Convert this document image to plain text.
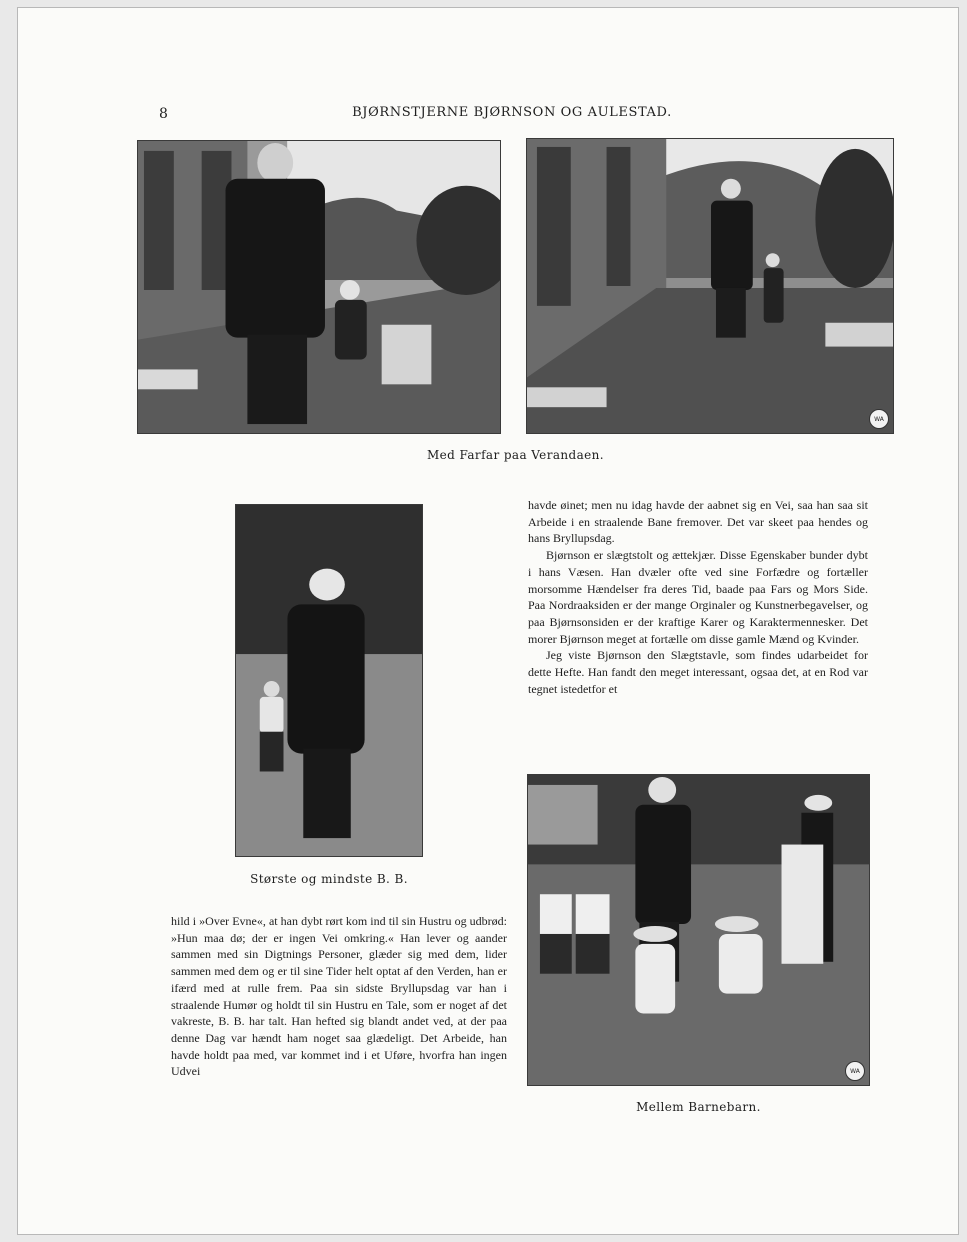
8	BJØRNSTJERNE BJØRNSON OG AULESTAD.
WA
Med Farfar paa Verandaen.
Største og mindste B. B.

havde øinet; men nu idag havde der aabnet sig en Vei, saa han saa sit Arbeide i en straalende Bane fremover. Det var skeet paa hendes og hans Bryllupsdag.

Bjørnson er slægtstolt og ættekjær. Disse Egenskaber bunder dybt i hans Væsen. Han dvæler ofte ved sine Forfædre og fortæller morsomme Hændelser fra deres Tid, baade paa Fars og Mors Side. Paa Nordraaksiden er der mange Orginaler og Kunstnerbegavelser, og paa Bjørnsonsiden er der kraftige Karer og Karaktermennesker. Det morer Bjørnson meget at fortælle om disse gamle Mænd og Kvinder.

Jeg viste Bjørnson den Slægtstavle, som findes udarbeidet for dette Hefte. Han fandt den meget interessant, ogsaa det, at en Rod var tegnet istedetfor et

WA
Mellem Barnebarn.

hild i »Over Evne«, at han dybt rørt kom ind til sin Hustru og udbrød: »Hun maa dø; der er ingen Vei omkring.« Han lever og aander sammen med sin Digtnings Personer, glæder sig med dem, lider sammen med dem og er til sine Tider helt optat af den Verden, han er ifærd med at rulle frem. Paa sin sidste Bryllupsdag var han i straalende Humør og holdt til sin Hustru en Tale, som er noget af det vakreste, B. B. har talt. Han hefted sig blandt andet ved, at der paa denne Dag var hændt ham noget saa glædeligt. Det Arbeide, han havde holdt paa med, var kommet ind i et Uføre, hvorfra han ingen Udvei
